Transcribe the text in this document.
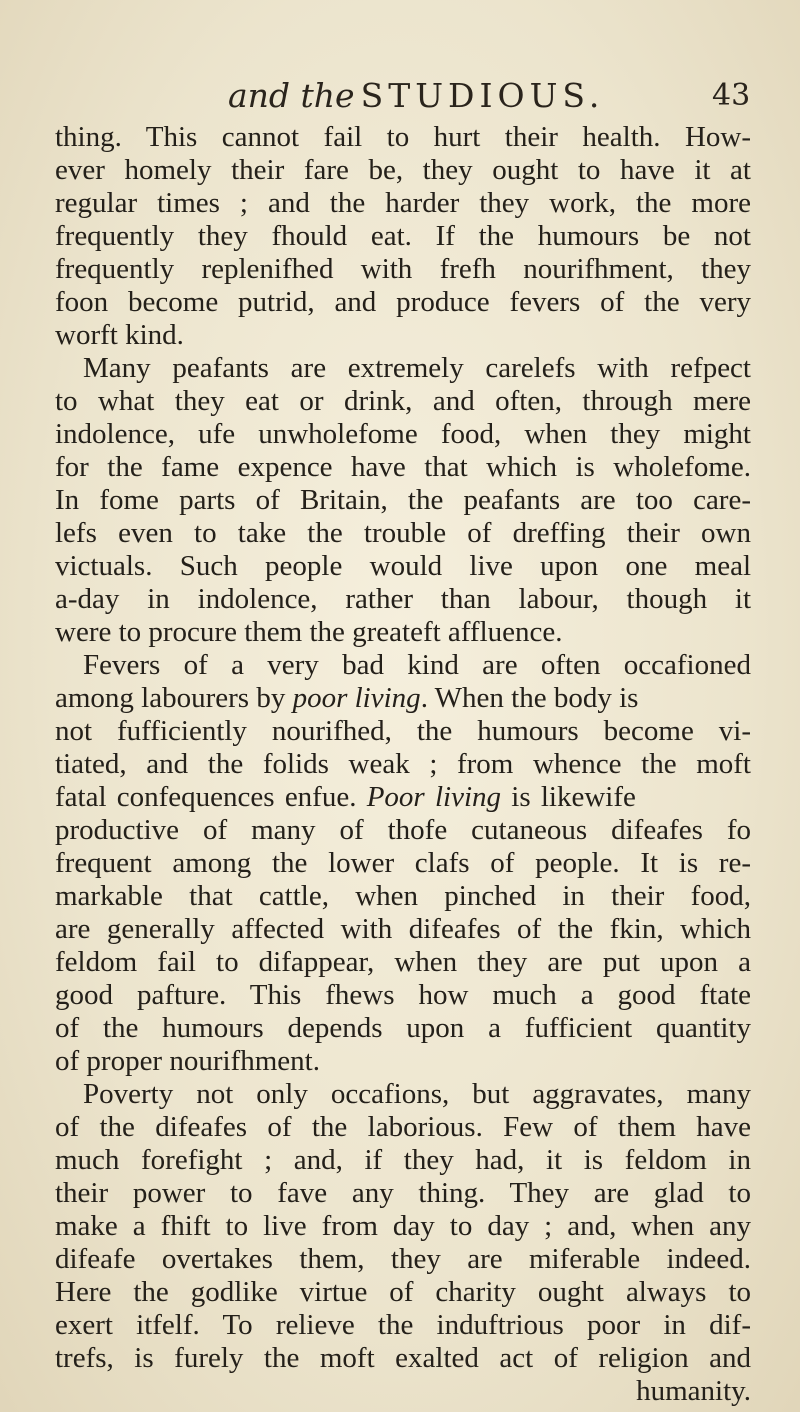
and the STUDIOUS.	43
thing. This cannot fail to hurt their health. How-
ever homely their fare be, they ought to have it at
regular times ; and the harder they work, the more
frequently they fhould eat. If the humours be not
frequently replenifhed with frefh nourifhment, they
foon become putrid, and produce fevers of the very
worft kind.
Many peafants are extremely carelefs with refpect
to what they eat or drink, and often, through mere
indolence, ufe unwholefome food, when they might
for the fame expence have that which is wholefome.
In fome parts of Britain, the peafants are too care-
lefs even to take the trouble of dreffing their own
victuals. Such people would live upon one meal
a-day in indolence, rather than labour, though it
were to procure them the greateft affluence.
Fevers of a very bad kind are often occafioned
among labourers by poor living. When the body is
not fufficiently nourifhed, the humours become vi-
tiated, and the folids weak ; from whence the moft
fatal confequences enfue. Poor living is likewife
productive of many of thofe cutaneous difeafes fo
frequent among the lower clafs of people. It is re-
markable that cattle, when pinched in their food,
are generally affected with difeafes of the fkin, which
feldom fail to difappear, when they are put upon a
good pafture. This fhews how much a good ftate
of the humours depends upon a fufficient quantity
of proper nourifhment.
Poverty not only occafions, but aggravates, many
of the difeafes of the laborious. Few of them have
much forefight ; and, if they had, it is feldom in
their power to fave any thing. They are glad to
make a fhift to live from day to day ; and, when any
difeafe overtakes them, they are miferable indeed.
Here the godlike virtue of charity ought always to
exert itfelf. To relieve the induftrious poor in dif-
trefs, is furely the moft exalted act of religion and
humanity.
